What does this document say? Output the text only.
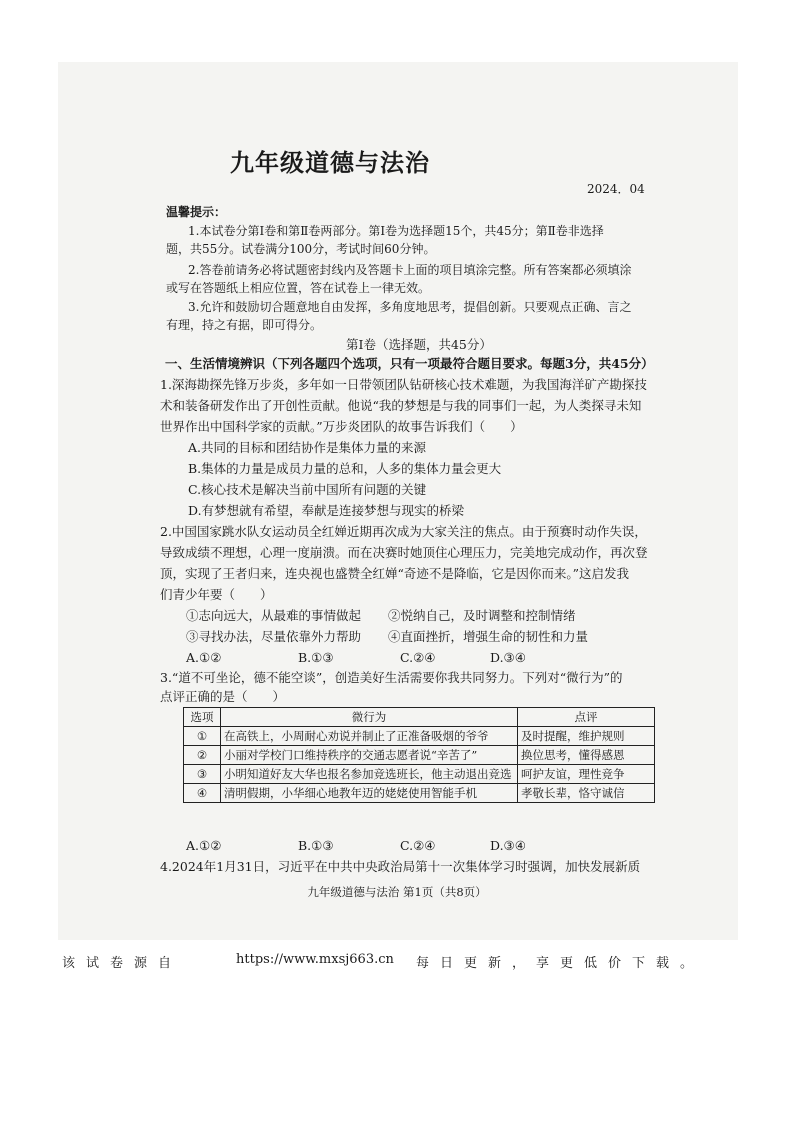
九年级道德与法治
2024．04
温馨提示：
1.本试卷分第Ⅰ卷和第Ⅱ卷两部分。第Ⅰ卷为选择题15个，共45分；第Ⅱ卷非选择
题，共55分。试卷满分100分，考试时间60分钟。
2.答卷前请务必将试题密封线内及答题卡上面的项目填涂完整。所有答案都必须填涂
或写在答题纸上相应位置，答在试卷上一律无效。
3.允许和鼓励切合题意地自由发挥，多角度地思考，提倡创新。只要观点正确、言之
有理，持之有据，即可得分。
第Ⅰ卷（选择题，共45分）
一、生活情境辨识（下列各题四个选项，只有一项最符合题目要求。每题3分，共45分）
1.深海勘探先锋万步炎，多年如一日带领团队钻研核心技术难题，为我国海洋矿产勘探技
术和装备研发作出了开创性贡献。他说“我的梦想是与我的同事们一起，为人类探寻未知
世界作出中国科学家的贡献。”万步炎团队的故事告诉我们（　　）
A.共同的目标和团结协作是集体力量的来源
B.集体的力量是成员力量的总和，人多的集体力量会更大
C.核心技术是解决当前中国所有问题的关键
D.有梦想就有希望，奉献是连接梦想与现实的桥梁
2.中国国家跳水队女运动员全红婵近期再次成为大家关注的焦点。由于预赛时动作失误，
导致成绩不理想，心理一度崩溃。而在决赛时她顶住心理压力，完美地完成动作，再次登
顶，实现了王者归来，连央视也盛赞全红婵“奇迹不是降临，它是因你而来。”这启发我
们青少年要（　　）
①志向远大，从最难的事情做起 ②悦纳自己，及时调整和控制情绪
③寻找办法，尽量依靠外力帮助 ④直面挫折，增强生命的韧性和力量
A.①②	B.①③	C.②④	D.③④
3.“道不可坐论，德不能空谈”，创造美好生活需要你我共同努力。下列对“微行为”的
点评正确的是（　　）
选项	微行为	点评
①	在高铁上，小周耐心劝说并制止了正准备吸烟的爷爷	及时提醒，维护规则
②	小丽对学校门口维持秩序的交通志愿者说“辛苦了”	换位思考，懂得感恩
③	小明知道好友大华也报名参加竞选班长，他主动退出竞选	呵护友谊，理性竞争
④	清明假期，小华细心地教年迈的姥姥使用智能手机	孝敬长辈，恪守诚信
A.①②	B.①③	C.②④	D.③④
4.2024年1月31日，习近平在中共中央政治局第十一次集体学习时强调，加快发展新质
九年级道德与法治 第1页（共8页）
该试卷源自	https://www.mxsj663.cn 每日更新，享更低价下载。
